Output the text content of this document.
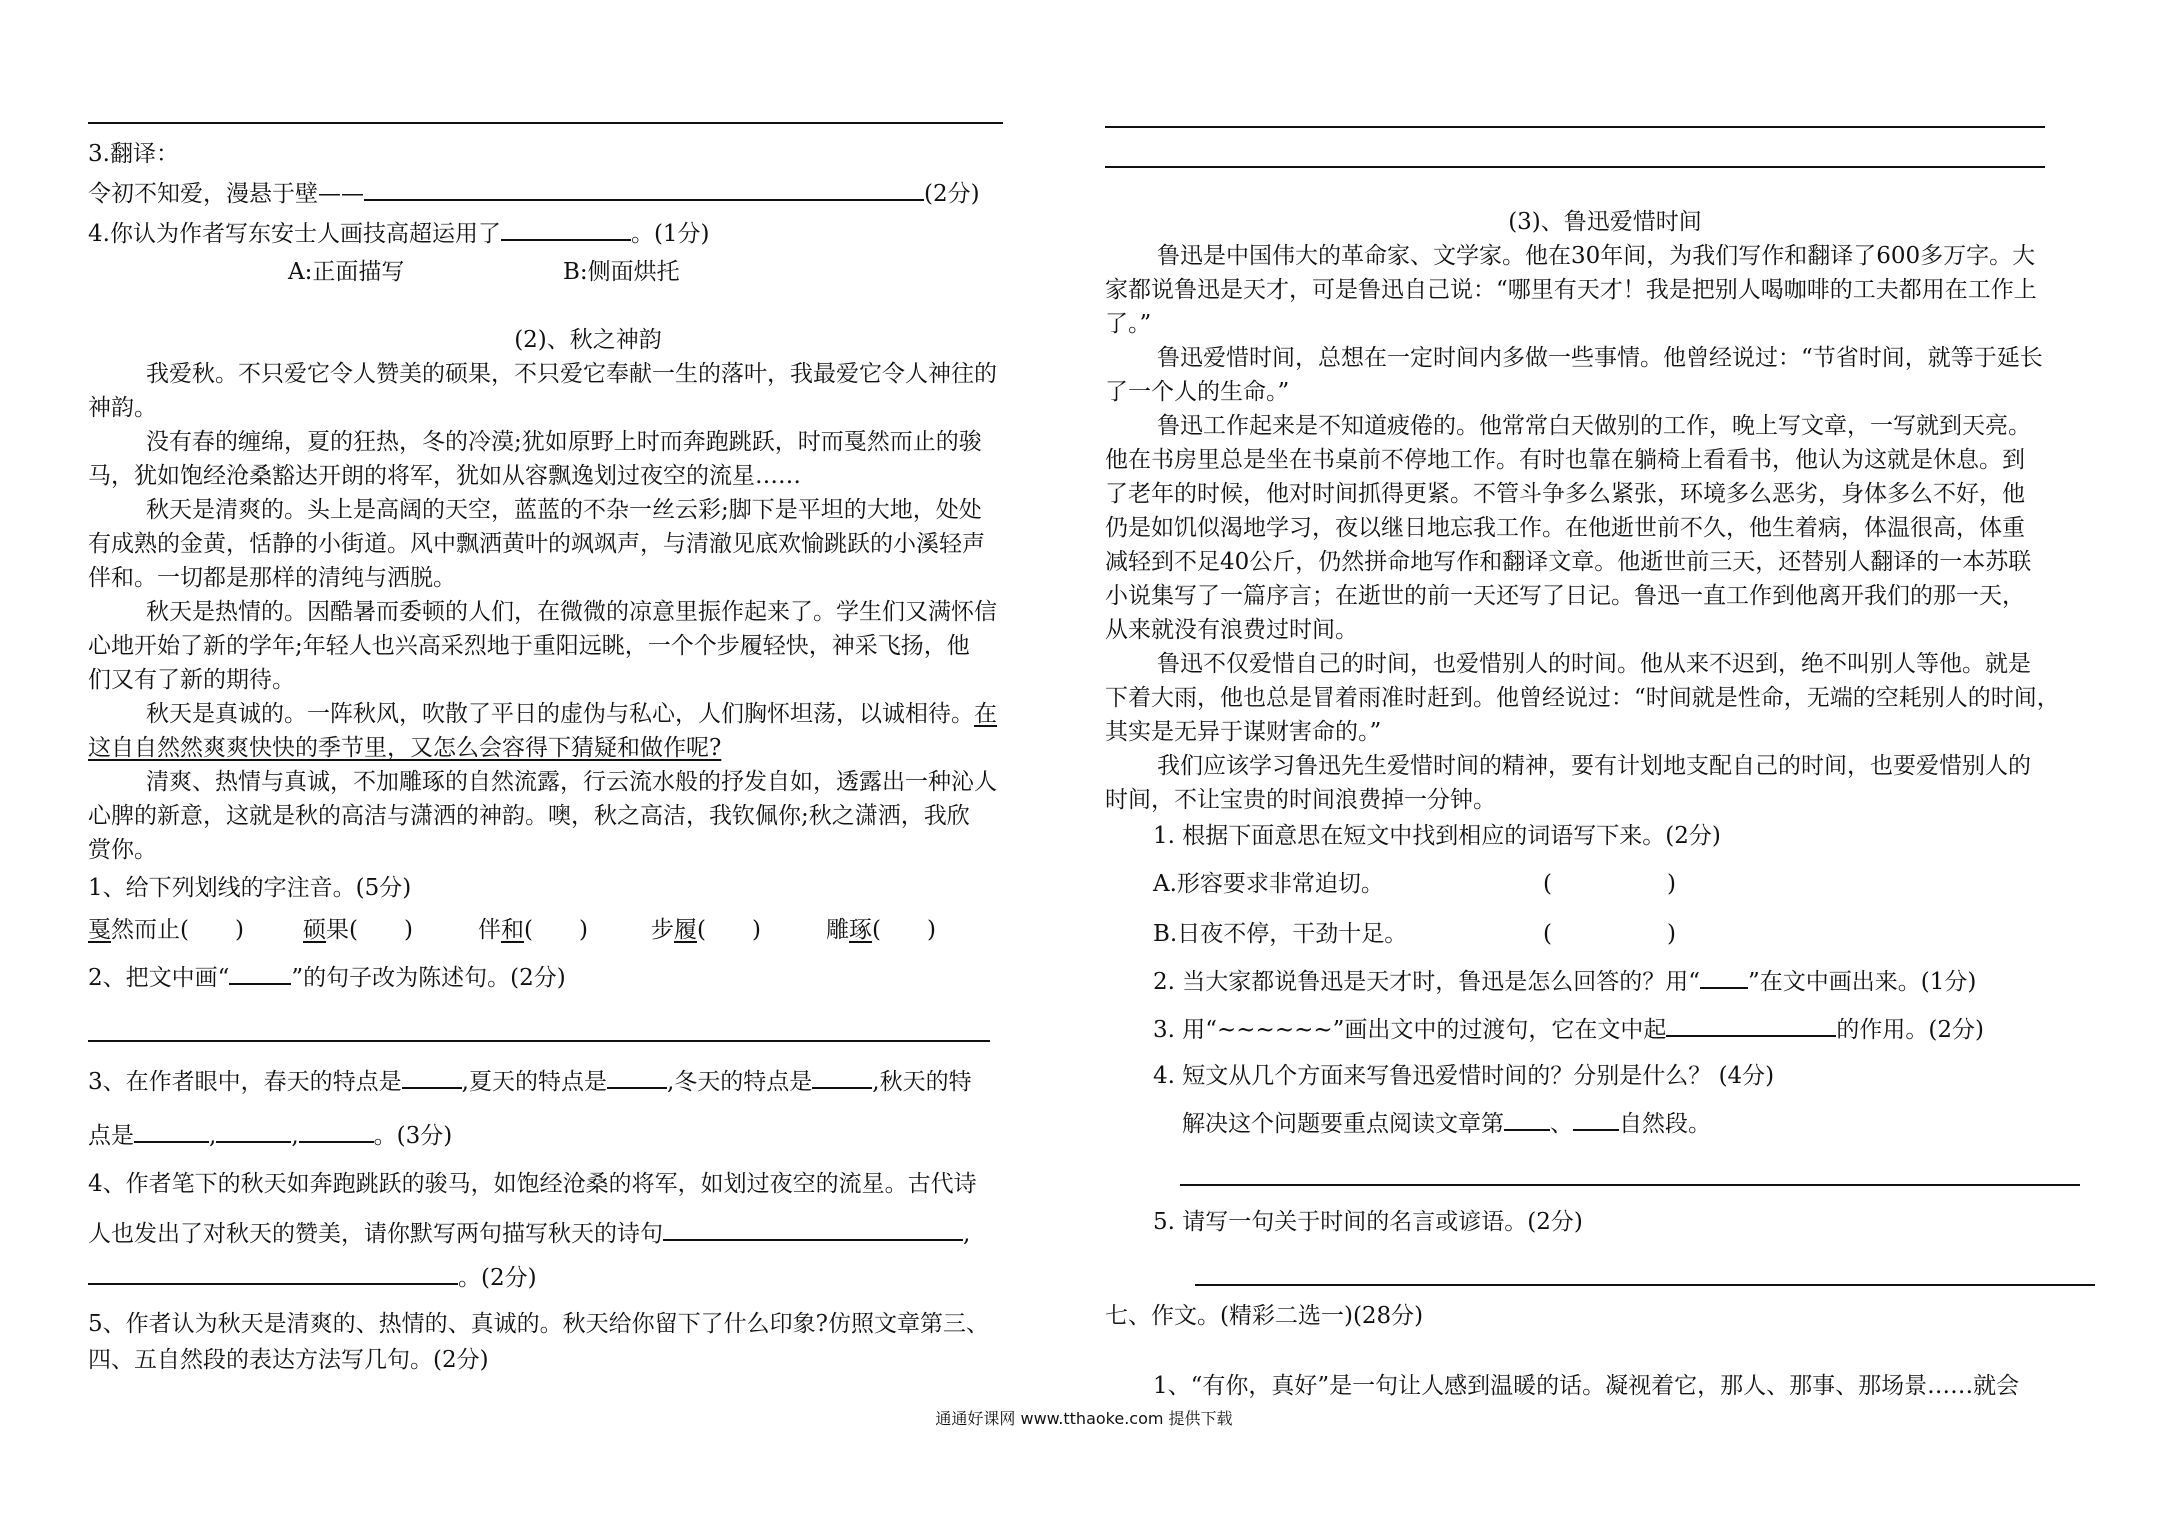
3.翻译：
令初不知爱，漫悬于壁——	(2分)
4.你认为作者写东安士人画技高超运用了	。(1分)
A:正面描写	B:侧面烘托
(2)、秋之神韵
我爱秋。不只爱它令人赞美的硕果，不只爱它奉献一生的落叶，我最爱它令人神往的
神韵。
没有春的缠绵，夏的狂热，冬的冷漠;犹如原野上时而奔跑跳跃，时而戛然而止的骏
马，犹如饱经沧桑豁达开朗的将军，犹如从容飘逸划过夜空的流星……
秋天是清爽的。头上是高阔的天空，蓝蓝的不杂一丝云彩;脚下是平坦的大地，处处
有成熟的金黄，恬静的小街道。风中飘洒黄叶的飒飒声，与清澈见底欢愉跳跃的小溪轻声
伴和。一切都是那样的清纯与洒脱。
秋天是热情的。因酷暑而委顿的人们，在微微的凉意里振作起来了。学生们又满怀信
心地开始了新的学年;年轻人也兴高采烈地于重阳远眺，一个个步履轻快，神采飞扬，他
们又有了新的期待。
秋天是真诚的。一阵秋风，吹散了平日的虚伪与私心，人们胸怀坦荡，以诚相待。在
这自自然然爽爽快快的季节里，又怎么会容得下猜疑和做作呢?
清爽、热情与真诚，不加雕琢的自然流露，行云流水般的抒发自如，透露出一种沁人
心脾的新意，这就是秋的高洁与潇洒的神韵。噢，秋之高洁，我钦佩你;秋之潇洒，我欣
赏你。
1、给下列划线的字注音。(5分)
戛然而止(　　)	硕果(　　)	伴和(　　)	步履(　　)	雕琢(　　)
2、把文中画“	”的句子改为陈述句。(2分)
3、在作者眼中，春天的特点是	,夏天的特点是	,冬天的特点是	,秋天的特
点是	,	,	。(3分)
4、作者笔下的秋天如奔跑跳跃的骏马，如饱经沧桑的将军，如划过夜空的流星。古代诗
人也发出了对秋天的赞美，请你默写两句描写秋天的诗句	,
。(2分)
5、作者认为秋天是清爽的、热情的、真诚的。秋天给你留下了什么印象?仿照文章第三、
四、五自然段的表达方法写几句。(2分)
(3)、鲁迅爱惜时间
鲁迅是中国伟大的革命家、文学家。他在30年间，为我们写作和翻译了600多万字。大
家都说鲁迅是天才，可是鲁迅自己说：“哪里有天才！我是把别人喝咖啡的工夫都用在工作上
了。”
鲁迅爱惜时间，总想在一定时间内多做一些事情。他曾经说过：“节省时间，就等于延长
了一个人的生命。”
鲁迅工作起来是不知道疲倦的。他常常白天做别的工作，晚上写文章，一写就到天亮。
他在书房里总是坐在书桌前不停地工作。有时也靠在躺椅上看看书，他认为这就是休息。到
了老年的时候，他对时间抓得更紧。不管斗争多么紧张，环境多么恶劣，身体多么不好，他
仍是如饥似渴地学习，夜以继日地忘我工作。在他逝世前不久，他生着病，体温很高，体重
减轻到不足40公斤，仍然拼命地写作和翻译文章。他逝世前三天，还替别人翻译的一本苏联
小说集写了一篇序言；在逝世的前一天还写了日记。鲁迅一直工作到他离开我们的那一天，
从来就没有浪费过时间。
鲁迅不仅爱惜自己的时间，也爱惜别人的时间。他从来不迟到，绝不叫别人等他。就是
下着大雨，他也总是冒着雨准时赶到。他曾经说过：“时间就是性命，无端的空耗别人的时间，
其实是无异于谋财害命的。”
我们应该学习鲁迅先生爱惜时间的精神，要有计划地支配自己的时间，也要爱惜别人的
时间，不让宝贵的时间浪费掉一分钟。
1. 根据下面意思在短文中找到相应的词语写下来。(2分)
A.形容要求非常迫切。	(　　　　　)
B.日夜不停，干劲十足。	(　　　　　)
2. 当大家都说鲁迅是天才时，鲁迅是怎么回答的？用“ ”在文中画出来。(1分)
3. 用“~~~~~~”画出文中的过渡句，它在文中起	的作用。(2分)
4. 短文从几个方面来写鲁迅爱惜时间的？分别是什么？ (4分)
解决这个问题要重点阅读文章第 、 自然段。
5. 请写一句关于时间的名言或谚语。(2分)
七、作文。(精彩二选一)(28分)
1、“有你，真好”是一句让人感到温暖的话。凝视着它，那人、那事、那场景……就会
通通好课网 www.tthaoke.com 提供下载
